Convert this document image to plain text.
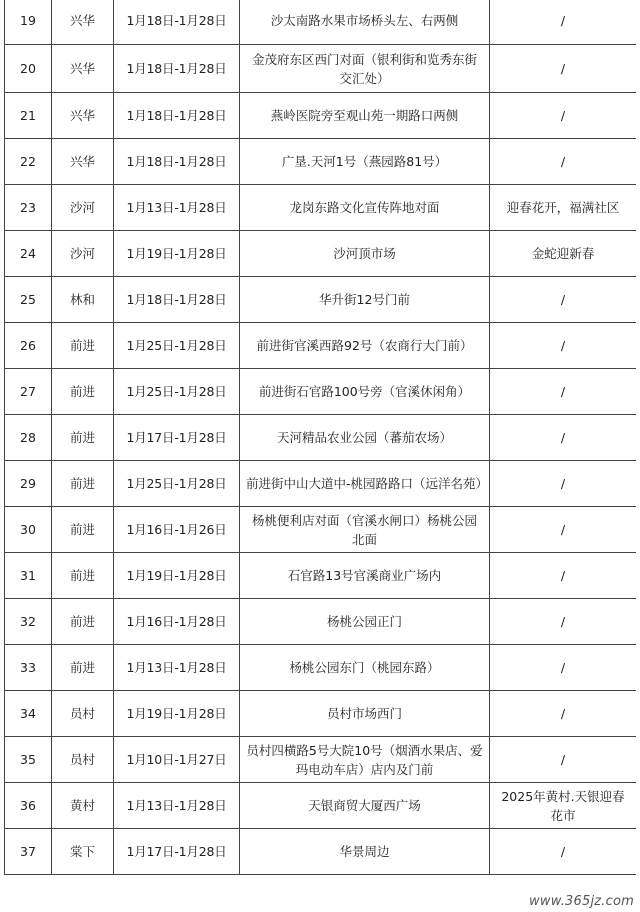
19	兴华	1月18日-1月28日	沙太南路水果市场桥头左、右两侧	/
20	兴华	1月18日-1月28日	金茂府东区西门对面（银利街和览秀东街交汇处）	/
21	兴华	1月18日-1月28日	燕岭医院旁至观山苑一期路口两侧	/
22	兴华	1月18日-1月28日	广垦.天河1号（燕园路81号）	/
23	沙河	1月13日-1月28日	龙岗东路文化宣传阵地对面	迎春花开，福满社区
24	沙河	1月19日-1月28日	沙河顶市场	金蛇迎新春
25	林和	1月18日-1月28日	华升街12号门前	/
26	前进	1月25日-1月28日	前进街官溪西路92号（农商行大门前）	/
27	前进	1月25日-1月28日	前进街石官路100号旁（官溪休闲角）	/
28	前进	1月17日-1月28日	天河精品农业公园（蕃茄农场）	/
29	前进	1月25日-1月28日	前进街中山大道中-桃园路路口（远洋名苑）	/
30	前进	1月16日-1月26日	杨桃便利店对面（官溪水闸口）杨桃公园北面	/
31	前进	1月19日-1月28日	石官路13号官溪商业广场内	/
32	前进	1月16日-1月28日	杨桃公园正门	/
33	前进	1月13日-1月28日	杨桃公园东门（桃园东路）	/
34	员村	1月19日-1月28日	员村市场西门	/
35	员村	1月10日-1月27日	员村四横路5号大院10号（烟酒水果店、爱玛电动车店）店内及门前	/
36	黄村	1月13日-1月28日	天银商贸大厦西广场	2025年黄村.天银迎春花市
37	棠下	1月17日-1月28日	华景周边	/
www.365jz.com
